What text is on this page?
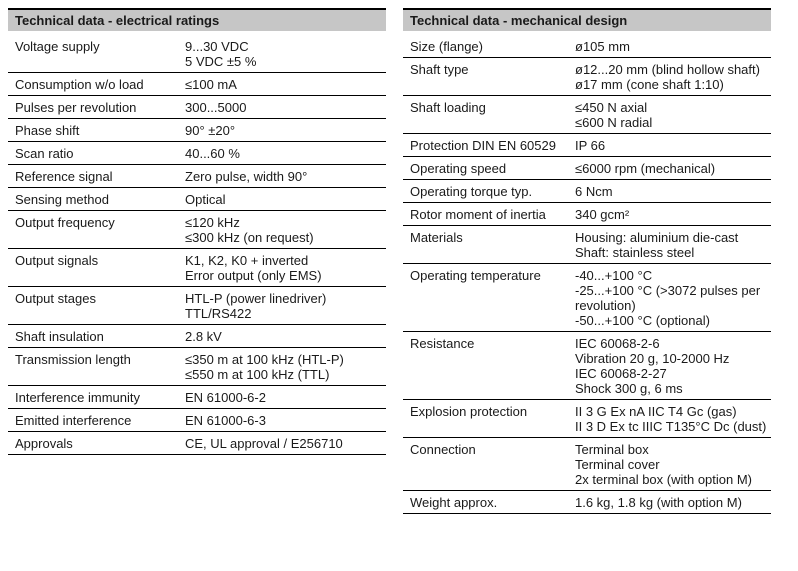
Technical data - electrical ratings
Voltage supply	9...30 VDC
5 VDC ±5 %
Consumption w/o load	≤100 mA
Pulses per revolution	300...5000
Phase shift	90° ±20°
Scan ratio	40...60 %
Reference signal	Zero pulse, width 90°
Sensing method	Optical
Output frequency	≤120 kHz
≤300 kHz (on request)
Output signals	K1, K2, K0 + inverted
Error output (only EMS)
Output stages	HTL-P (power linedriver)
TTL/RS422
Shaft insulation	2.8 kV
Transmission length	≤350 m at 100 kHz (HTL-P)
≤550 m at 100 kHz (TTL)
Interference immunity	EN 61000-6-2
Emitted interference	EN 61000-6-3
Approvals	CE, UL approval / E256710
Technical data - mechanical design
Size (flange)	ø105 mm
Shaft type	ø12...20 mm (blind hollow shaft)
ø17 mm (cone shaft 1:10)
Shaft loading	≤450 N axial
≤600 N radial
Protection DIN EN 60529	IP 66
Operating speed	≤6000 rpm (mechanical)
Operating torque typ.	6 Ncm
Rotor moment of inertia	340 gcm²
Materials	Housing: aluminium die-cast
Shaft: stainless steel
Operating temperature	-40...+100 °C
-25...+100 °C (>3072 pulses per revolution)
-50...+100 °C (optional)
Resistance	IEC 60068-2-6
Vibration 20 g, 10-2000 Hz
IEC 60068-2-27
Shock 300 g, 6 ms
Explosion protection	II 3 G Ex nA IIC T4 Gc (gas)
II 3 D Ex tc IIIC T135°C Dc (dust)
Connection	Terminal box
Terminal cover
2x terminal box (with option M)
Weight approx.	1.6 kg, 1.8 kg (with option M)
